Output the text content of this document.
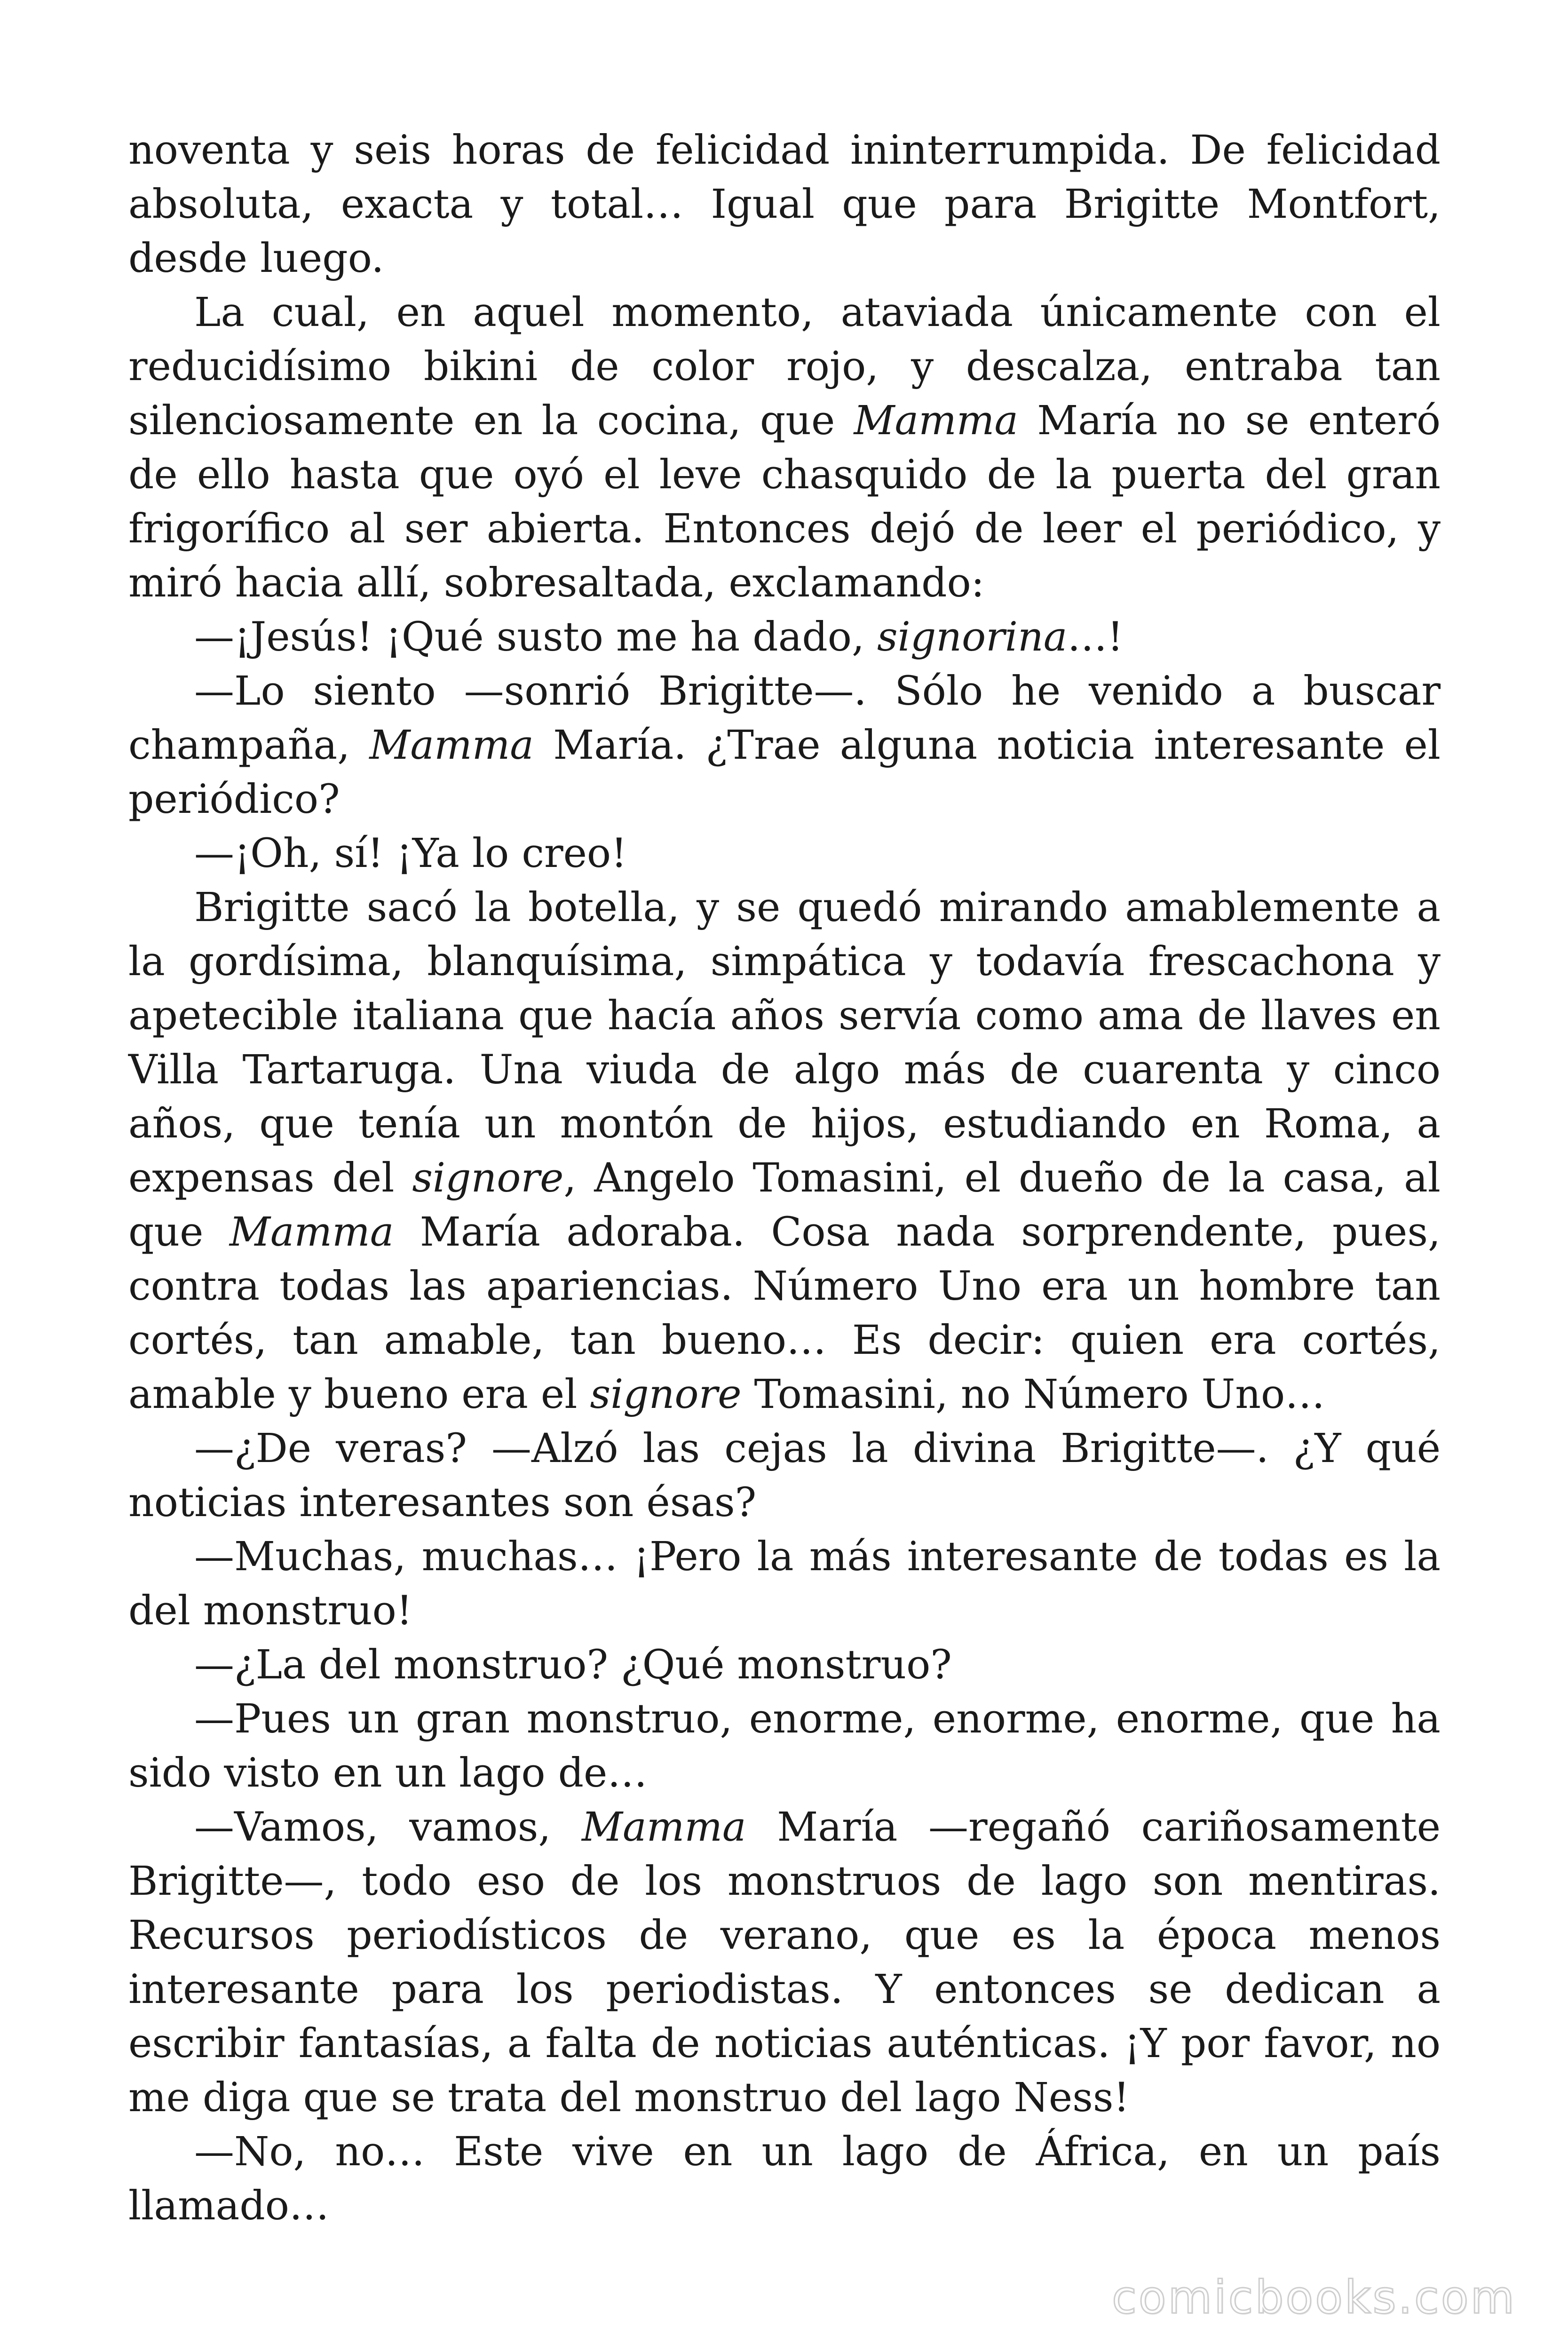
noventa y seis horas de felicidad ininterrumpida. De felicidad absoluta, exacta y total… Igual que para Brigitte Montfort, desde luego.

La cual, en aquel momento, ataviada únicamente con el reducidísimo bikini de color rojo, y descalza, entraba tan silenciosamente en la cocina, que Mamma María no se enteró de ello hasta que oyó el leve chasquido de la puerta del gran frigorífico al ser abierta. Entonces dejó de leer el periódico, y miró hacia allí, sobresaltada, exclamando:

—¡Jesús! ¡Qué susto me ha dado, signorina…!

—Lo siento —sonrió Brigitte—. Sólo he venido a buscar champaña, Mamma María. ¿Trae alguna noticia interesante el periódico?

—¡Oh, sí! ¡Ya lo creo!

Brigitte sacó la botella, y se quedó mirando amablemente a la gordísima, blanquísima, simpática y todavía frescachona y apetecible italiana que hacía años servía como ama de llaves en Villa Tartaruga. Una viuda de algo más de cuarenta y cinco años, que tenía un montón de hijos, estudiando en Roma, a expensas del signore, Angelo Tomasini, el dueño de la casa, al que Mamma María adoraba. Cosa nada sorprendente, pues, contra todas las apariencias. Número Uno era un hombre tan cortés, tan amable, tan bueno… Es decir: quien era cortés, amable y bueno era el signore Tomasini, no Número Uno…

—¿De veras? —Alzó las cejas la divina Brigitte—. ¿Y qué noticias interesantes son ésas?

—Muchas, muchas… ¡Pero la más interesante de todas es la del monstruo!

—¿La del monstruo? ¿Qué monstruo?

—Pues un gran monstruo, enorme, enorme, enorme, que ha sido visto en un lago de…

—Vamos, vamos, Mamma María —regañó cariñosamente Brigitte—, todo eso de los monstruos de lago son mentiras. Recursos periodísticos de verano, que es la época menos interesante para los periodistas. Y entonces se dedican a escribir fantasías, a falta de noticias auténticas. ¡Y por favor, no me diga que se trata del monstruo del lago Ness!

—No, no… Este vive en un lago de África, en un país llamado…

comicbooks.com
